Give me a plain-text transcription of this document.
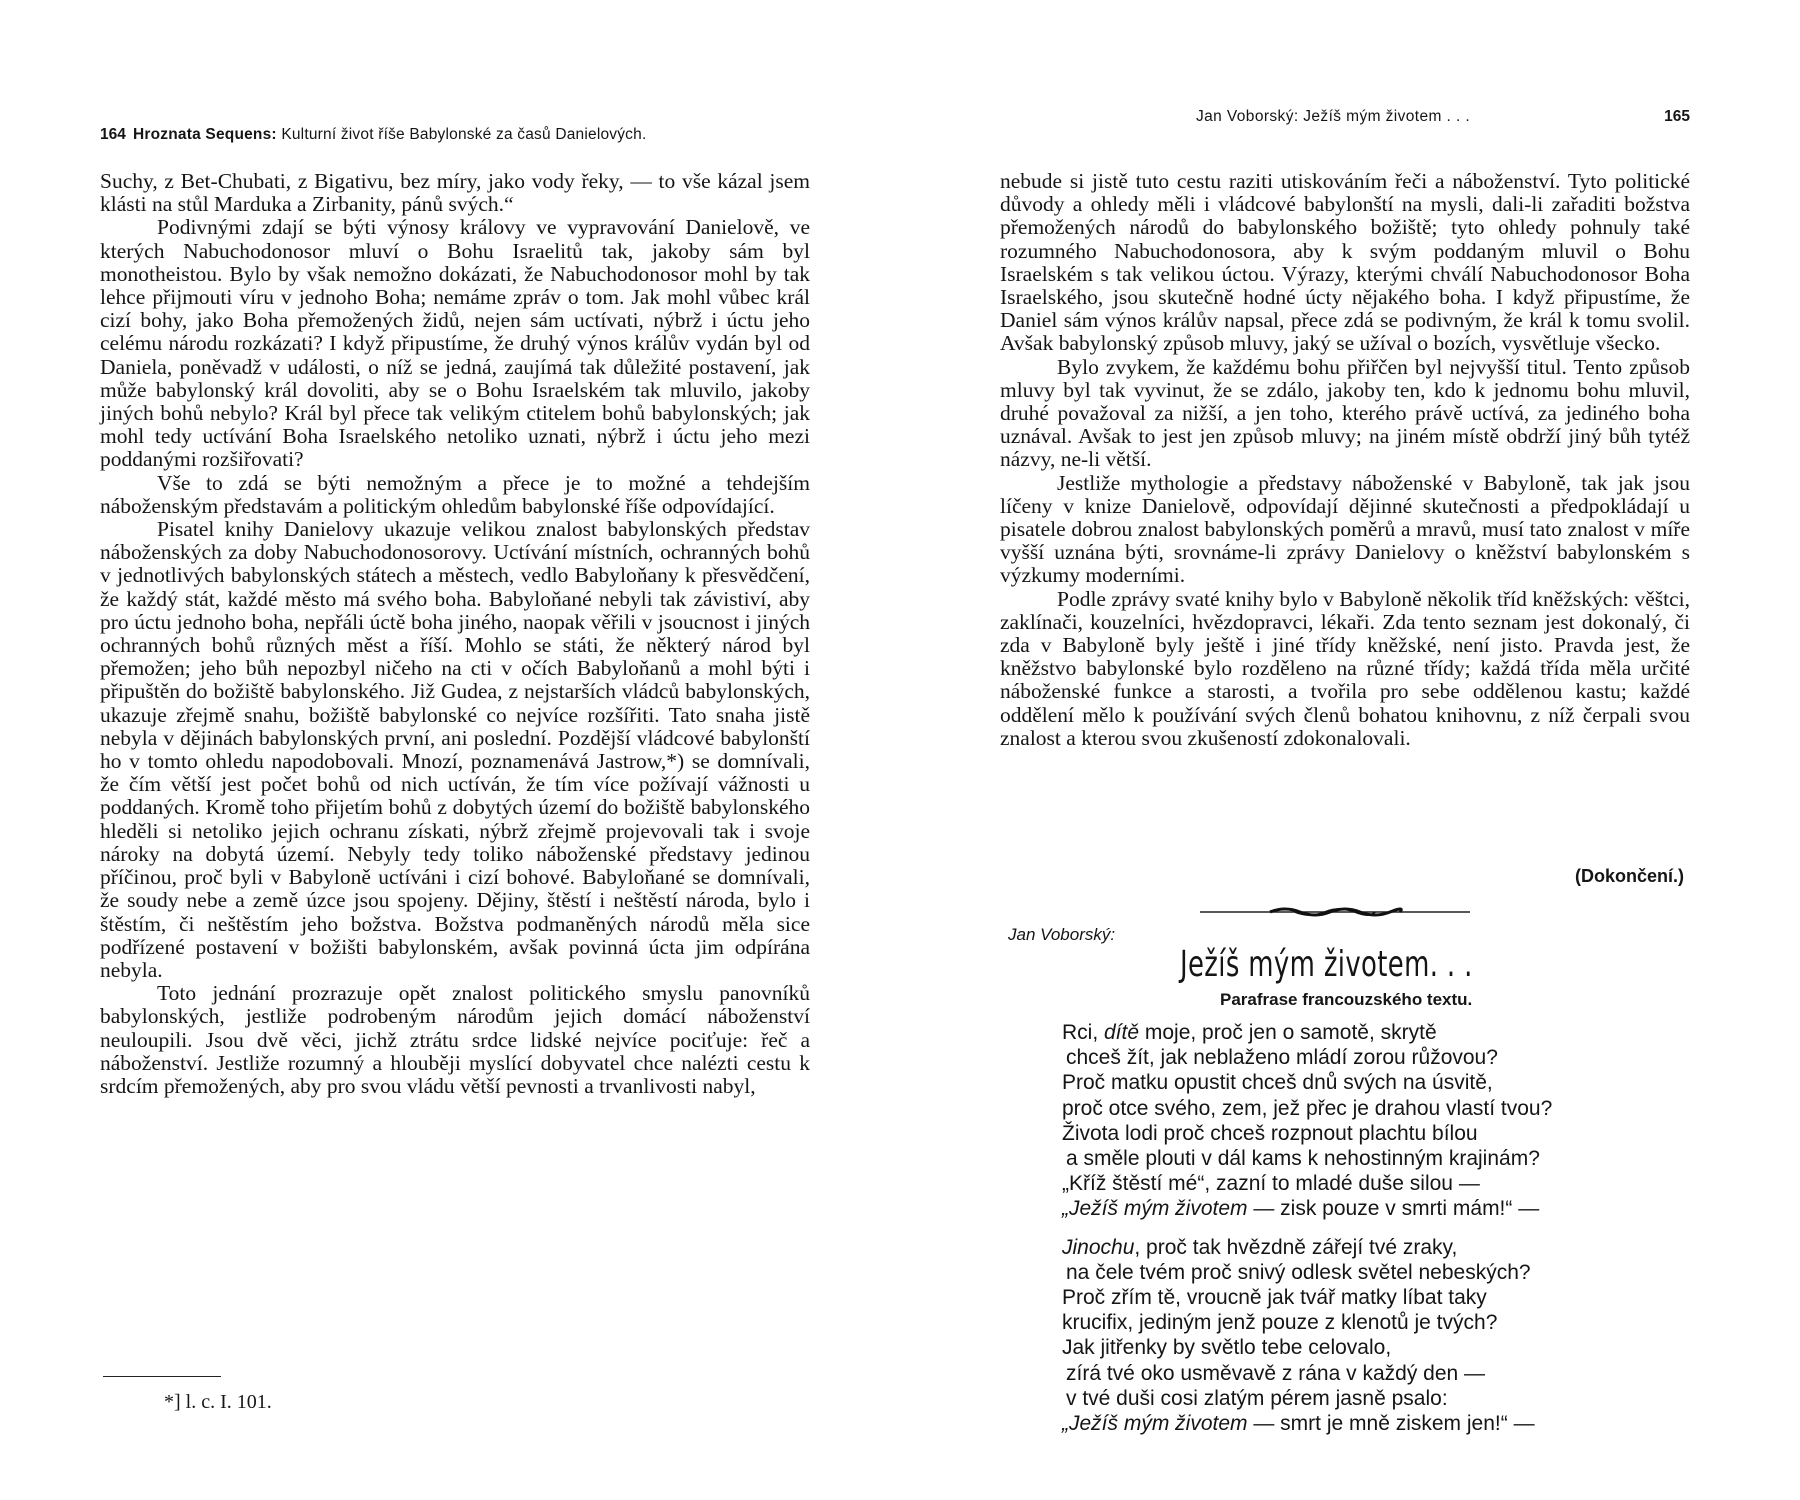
164 Hroznata Sequens: Kulturní život říše Babylonské za časů Danielových.

Suchy, z Bet-Chubati, z Bigativu, bez míry, jako vody řeky, — to vše kázal jsem klásti na stůl Marduka a Zirbanity, pánů svých.“

Podivnými zdají se býti výnosy královy ve vypravování Danielově, ve kterých Nabuchodonosor mluví o Bohu Israelitů tak, jakoby sám byl monotheistou. Bylo by však nemožno dokázati, že Nabuchodonosor mohl by tak lehce přijmouti víru v jednoho Boha; nemáme zpráv o tom. Jak mohl vůbec král cizí bohy, jako Boha přemožených židů, nejen sám uctívati, nýbrž i úctu jeho celému národu rozkázati? I když připustíme, že druhý výnos králův vydán byl od Daniela, poněvadž v události, o níž se jedná, zaujímá tak důležité postavení, jak může babylonský král dovoliti, aby se o Bohu Israelském tak mluvilo, jakoby jiných bohů nebylo? Král byl přece tak velikým ctitelem bohů babylonských; jak mohl tedy uctívání Boha Israelského netoliko uznati, nýbrž i úctu jeho mezi poddanými rozšiřovati?

Vše to zdá se býti nemožným a přece je to možné a tehdejším náboženským představám a politickým ohledům babylonské říše odpovídající.

Pisatel knihy Danielovy ukazuje velikou znalost babylonských představ náboženských za doby Nabuchodonosorovy. Uctívání místních, ochranných bohů v jednotlivých babylonských státech a městech, vedlo Babyloňany k přesvědčení, že každý stát, každé město má svého boha. Babyloňané nebyli tak závistiví, aby pro úctu jednoho boha, nepřáli úctě boha jiného, naopak věřili v jsoucnost i jiných ochranných bohů různých měst a říší. Mohlo se státi, že některý národ byl přemožen; jeho bůh nepozbyl ničeho na cti v očích Babyloňanů a mohl býti i připuštěn do božiště babylonského. Již Gudea, z nejstarších vládců babylonských, ukazuje zřejmě snahu, božiště babylonské co nejvíce rozšířiti. Tato snaha jistě nebyla v dějinách babylonských první, ani poslední. Pozdější vládcové babylonští ho v tomto ohledu napodobovali. Mnozí, poznamenává Jastrow,*) se domnívali, že čím větší jest počet bohů od nich uctíván, že tím více požívají vážnosti u poddaných. Kromě toho přijetím bohů z dobytých území do božiště babylonského hleděli si netoliko jejich ochranu získati, nýbrž zřejmě projevovali tak i svoje nároky na dobytá území. Nebyly tedy toliko náboženské představy jedinou příčinou, proč byli v Babyloně uctíváni i cizí bohové. Babyloňané se domnívali, že soudy nebe a země úzce jsou spojeny. Dějiny, štěstí i neštěstí národa, bylo i štěstím, či neštěstím jeho božstva. Božstva podmaněných národů měla sice podřízené postavení v božišti babylonském, avšak povinná úcta jim odpírána nebyla.

Toto jednání prozrazuje opět znalost politického smyslu panovníků babylonských, jestliže podrobeným národům jejich domácí náboženství neuloupili. Jsou dvě věci, jichž ztrátu srdce lidské nejvíce pociťuje: řeč a náboženství. Jestliže rozumný a hlouběji myslící dobyvatel chce nalézti cestu k srdcím přemožených, aby pro svou vládu větší pevnosti a trvanlivosti nabyl,

*] l. c. I. 101.
Jan Voborský: Ježíš mým životem . . .	165

nebude si jistě tuto cestu raziti utiskováním řeči a náboženství. Tyto politické důvody a ohledy měli i vládcové babylonští na mysli, dali-li zařaditi božstva přemožených národů do babylonského božiště; tyto ohledy pohnuly také rozumného Nabuchodonosora, aby k svým poddaným mluvil o Bohu Israelském s tak velikou úctou. Výrazy, kterými chválí Nabuchodonosor Boha Israelského, jsou skutečně hodné úcty nějakého boha. I když připustíme, že Daniel sám výnos králův napsal, přece zdá se podivným, že král k tomu svolil. Avšak babylonský způsob mluvy, jaký se užíval o bozích, vysvětluje všecko.

Bylo zvykem, že každému bohu přiřčen byl nejvyšší titul. Tento způsob mluvy byl tak vyvinut, že se zdálo, jakoby ten, kdo k jednomu bohu mluvil, druhé považoval za nižší, a jen toho, kterého právě uctívá, za jediného boha uznával. Avšak to jest jen způsob mluvy; na jiném místě obdrží jiný bůh tytéž názvy, ne-li větší.

Jestliže mythologie a představy náboženské v Babyloně, tak jak jsou líčeny v knize Danielově, odpovídají dějinné skutečnosti a předpokládají u pisatele dobrou znalost babylonských poměrů a mravů, musí tato znalost v míře vyšší uznána býti, srovnáme-li zprávy Danielovy o kněžství babylonském s výzkumy moderními.

Podle zprávy svaté knihy bylo v Babyloně několik tříd kněžských: věštci, zaklínači, kouzelníci, hvězdopravci, lékaři. Zda tento seznam jest dokonalý, či zda v Babyloně byly ještě i jiné třídy kněžské, není jisto. Pravda jest, že kněžstvo babylonské bylo rozděleno na různé třídy; každá třída měla určité náboženské funkce a starosti, a tvořila pro sebe oddělenou kastu; každé oddělení mělo k používání svých členů bohatou knihovnu, z níž čerpali svou znalost a kterou svou zkušeností zdokonalovali.

(Dokončení.)
Jan Voborský:
Ježíš mým životem. . .
Parafrase francouzského textu.
Rci, dítě moje, proč jen o samotě, skrytě
chceš žít, jak neblaženo mládí zorou růžovou?
Proč matku opustit chceš dnů svých na úsvitě,
proč otce svého, zem, jež přec je drahou vlastí tvou?
Života lodi proč chceš rozpnout plachtu bílou
a směle plouti v dál kams k nehostinným krajinám?
„Kříž štěstí mé“, zazní to mladé duše silou —
„Ježíš mým životem — zisk pouze v smrti mám!“ —
Jinochu, proč tak hvězdně zářejí tvé zraky,
na čele tvém proč snivý odlesk světel nebeských?
Proč zřím tě, vroucně jak tvář matky líbat taky
krucifix, jediným jenž pouze z klenotů je tvých?
Jak jitřenky by světlo tebe celovalo,
zírá tvé oko usměvavě z rána v každý den —
v tvé duši cosi zlatým pérem jasně psalo:
„Ježíš mým životem — smrt je mně ziskem jen!“ —
